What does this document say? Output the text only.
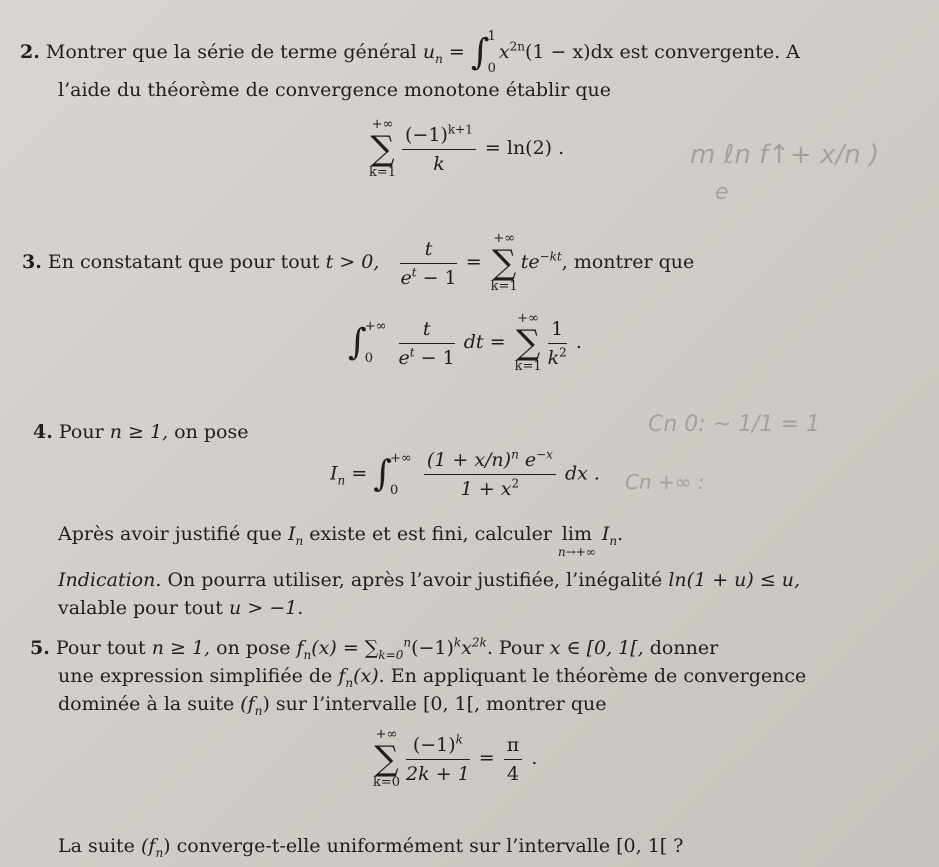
2. Montrer que la série de terme général $u_n$ = ∫
1
0
$x^{2n}(1 - x)dx$ est convergente. A
l’aide du théorème de convergence monotone établir que
+∞
∑
$k=1 \frac{(-1)^{k+1}}{k} = \ln(2)$ .
3. En constatant que pour tout t > 0, $\frac{t}{e^t - 1}$ =
+∞
∑
k=1
$te^{-kt}$, montrer que
∫
+∞
0
	$\frac{t}{e^t - 1}$ dt =
+∞
∑
$k=1 \frac{1}{k^2}$ .
4. Pour n ≥ 1, on pose
$I_n$ = ∫
+∞
0
	$\frac{(1 + x/n)^n e^{-x}}{1 + x^2}$ dx .
Après avoir justifié que $I_n$ existe et est fini, calculer lim
n→+∞
$I_n$.
Indication. On pourra utiliser, après l’avoir justifiée, l’inégalité ln(1 + u) ≤ u,
valable pour tout u > −1.
5. Pour tout n ≥ 1, on pose $f_n(x) = \sum_{k=0}^n(-1)^kx^{2k}$. Pour x ∈ [0, 1[, donner
une expression simplifiée de $f_n(x)$. En appliquant le théorème de convergence
dominée à la suite $(f_n)$ sur l’intervalle [0, 1[, montrer que
+∞
∑
$k=0 \frac{(-1)^k}{2k + 1} = \frac{\pi}{4}$ .
La suite $(f_n)$ converge-t-elle uniformément sur l’intervalle [0, 1[ ?
m ℓn f↑+ x/n )
e
Cn 0: ~ 1/1 = 1
Cn +∞ :
